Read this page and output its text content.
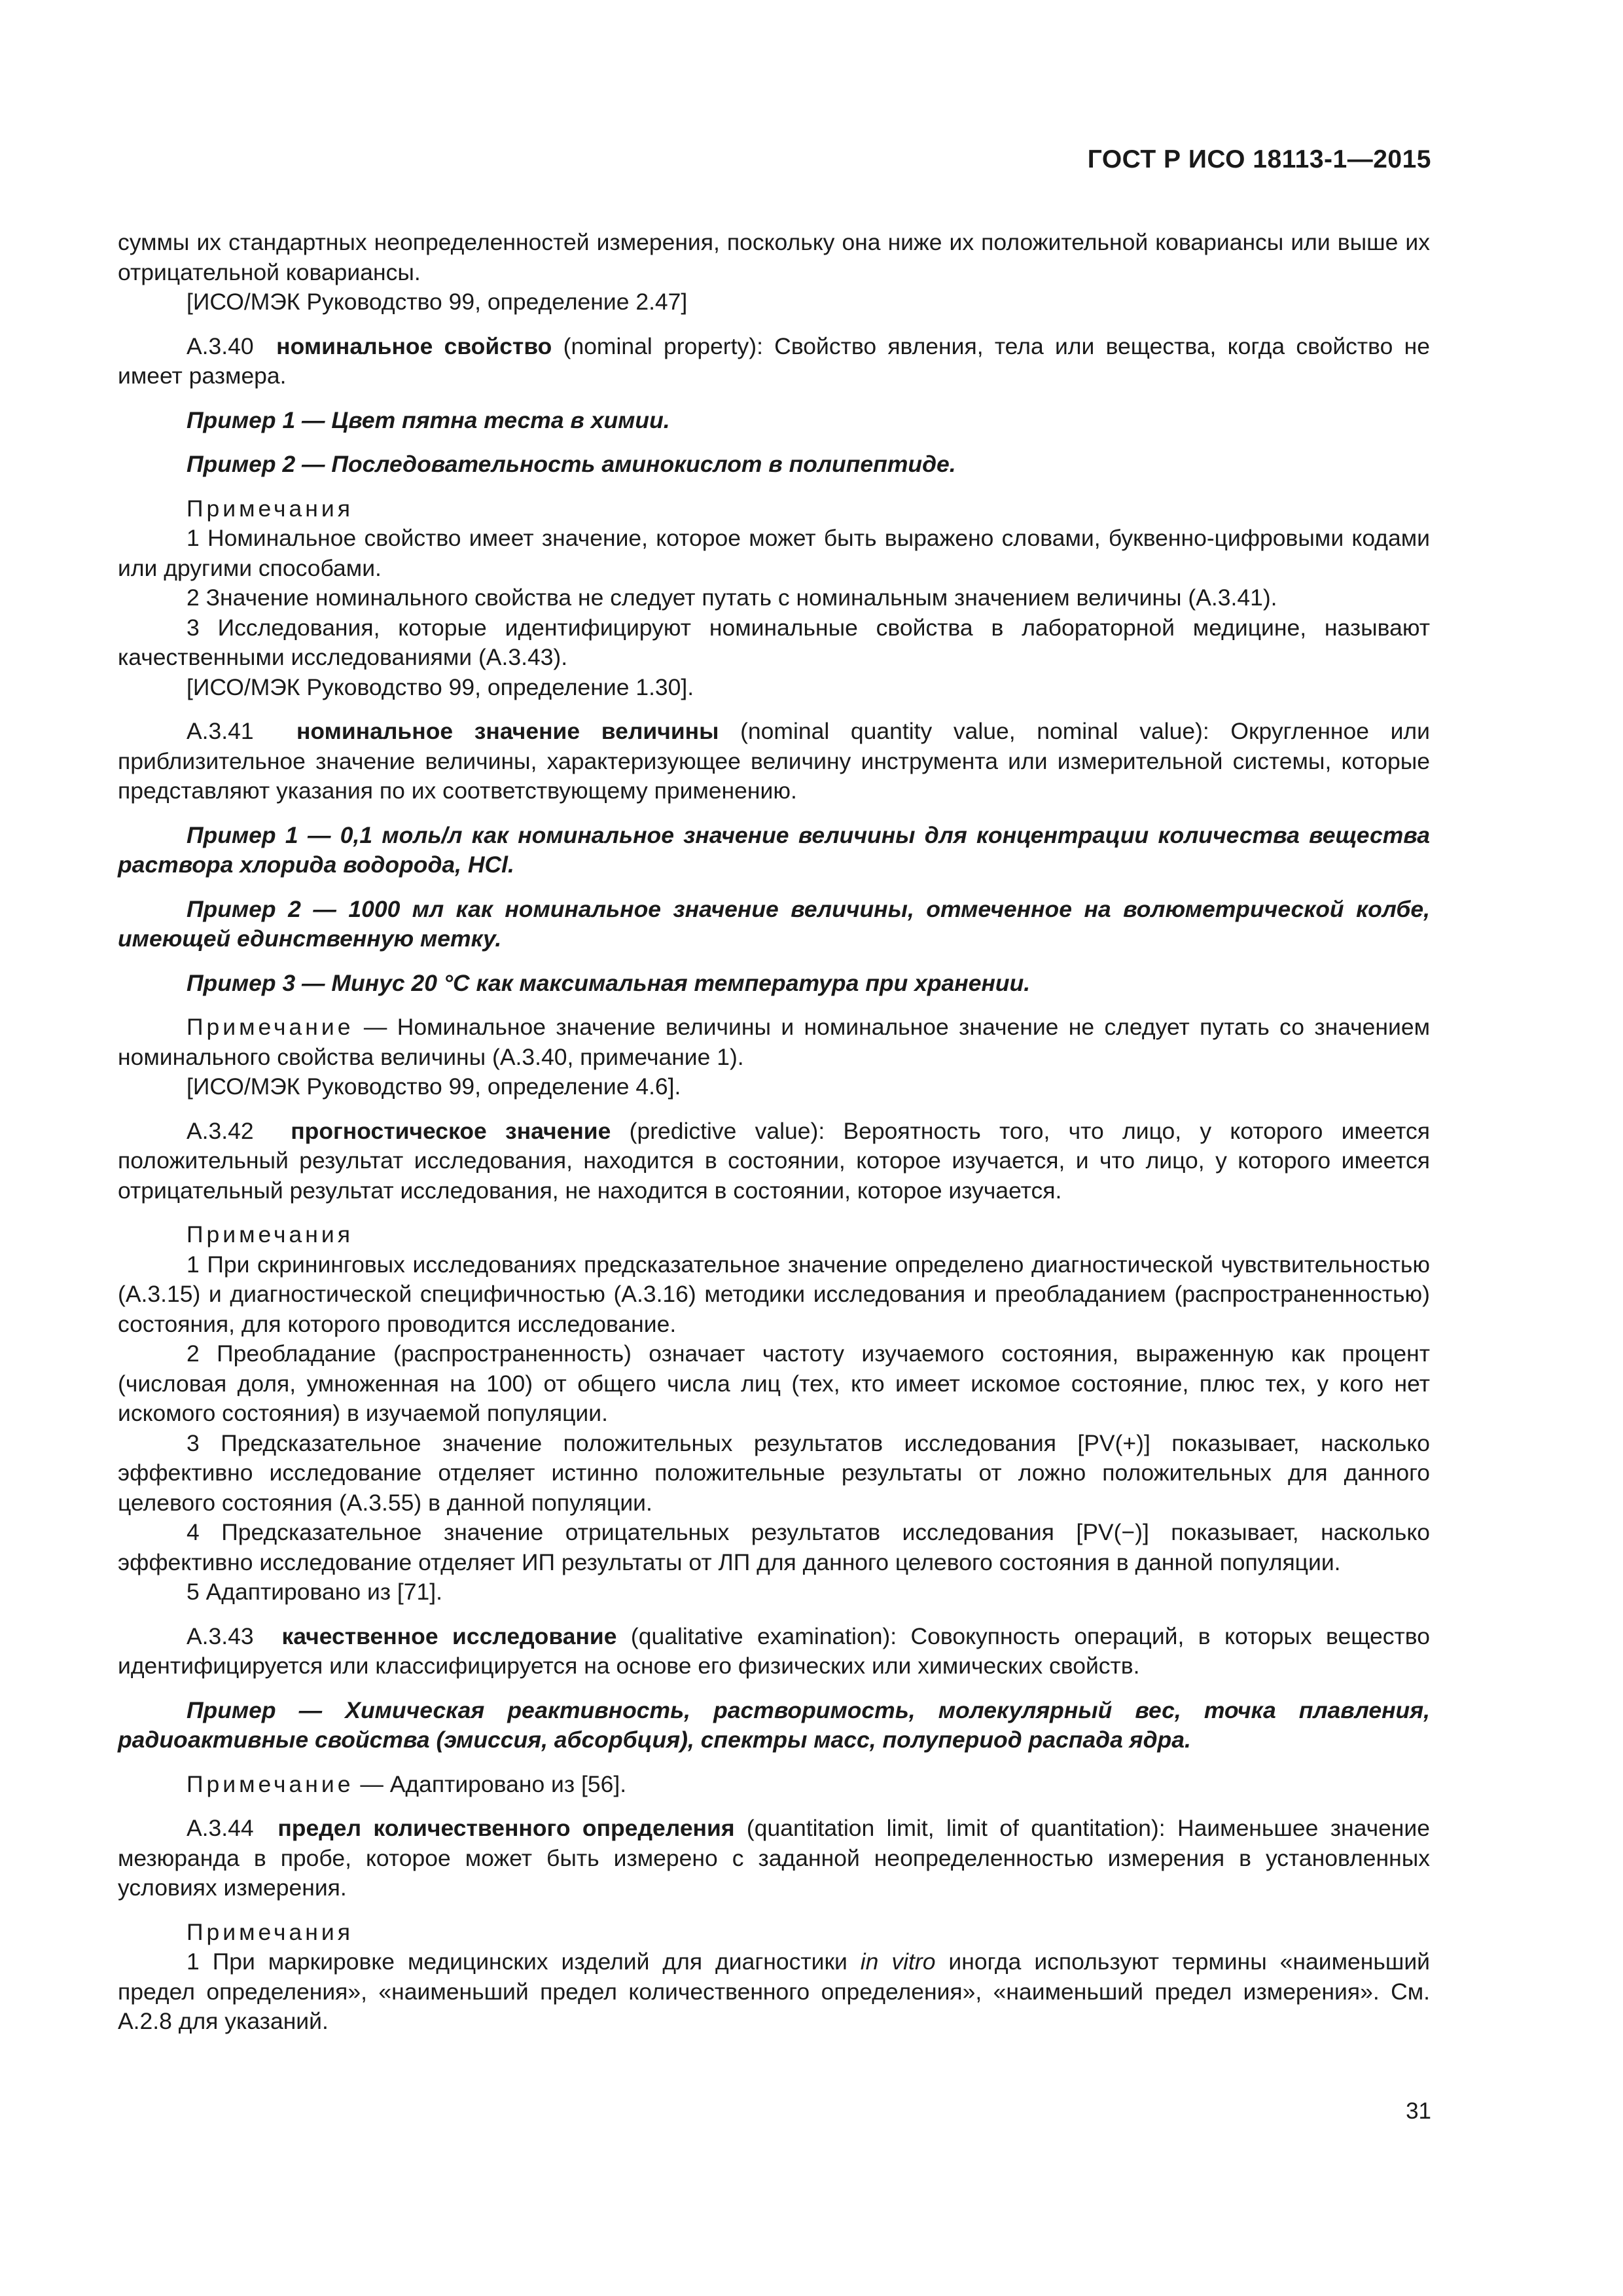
ГОСТ Р ИСО 18113-1—2015

суммы их стандартных неопределенностей измерения, поскольку она ниже их положительной ковариансы или выше их отрицательной ковариансы.

[ИСО/МЭК Руководство 99, определение 2.47]

А.3.40 номинальное свойство (nominal property): Свойство явления, тела или вещества, когда свойство не имеет размера.

Пример 1 — Цвет пятна теста в химии.

Пример 2 — Последовательность аминокислот в полипептиде.

Примечания

1 Номинальное свойство имеет значение, которое может быть выражено словами, буквенно-цифровыми кодами или другими способами.

2 Значение номинального свойства не следует путать с номинальным значением величины (А.3.41).

3 Исследования, которые идентифицируют номинальные свойства в лабораторной медицине, называют качественными исследованиями (А.3.43).

[ИСО/МЭК Руководство 99, определение 1.30].

А.3.41 номинальное значение величины (nominal quantity value, nominal value): Округленное или приблизительное значение величины, характеризующее величину инструмента или измерительной системы, которые представляют указания по их соответствующему применению.

Пример 1 — 0,1 моль/л как номинальное значение величины для концентрации количества вещества раствора хлорида водорода, HCl.

Пример 2 — 1000 мл как номинальное значение величины, отмеченное на волюметрической колбе, имеющей единственную метку.

Пример 3 — Минус 20 °С как максимальная температура при хранении.

Примечание — Номинальное значение величины и номинальное значение не следует путать со значением номинального свойства величины (А.3.40, примечание 1).

[ИСО/МЭК Руководство 99, определение 4.6].

А.3.42 прогностическое значение (predictive value): Вероятность того, что лицо, у которого имеется положительный результат исследования, находится в состоянии, которое изучается, и что лицо, у которого имеется отрицательный результат исследования, не находится в состоянии, которое изучается.

Примечания

1 При скрининговых исследованиях предсказательное значение определено диагностической чувствительностью (А.3.15) и диагностической специфичностью (А.3.16) методики исследования и преобладанием (распространенностью) состояния, для которого проводится исследование.

2 Преобладание (распространенность) означает частоту изучаемого состояния, выраженную как процент (числовая доля, умноженная на 100) от общего числа лиц (тех, кто имеет искомое состояние, плюс тех, у кого нет искомого состояния) в изучаемой популяции.

3 Предсказательное значение положительных результатов исследования [PV(+)] показывает, насколько эффективно исследование отделяет истинно положительные результаты от ложно положительных для данного целевого состояния (А.3.55) в данной популяции.

4 Предсказательное значение отрицательных результатов исследования [PV(−)] показывает, насколько эффективно исследование отделяет ИП результаты от ЛП для данного целевого состояния в данной популяции.

5 Адаптировано из [71].

А.3.43 качественное исследование (qualitative examination): Совокупность операций, в которых вещество идентифицируется или классифицируется на основе его физических или химических свойств.

Пример — Химическая реактивность, растворимость, молекулярный вес, точка плавления, радиоактивные свойства (эмиссия, абсорбция), спектры масс, полупериод распада ядра.

Примечание — Адаптировано из [56].

А.3.44 предел количественного определения (quantitation limit, limit of quantitation): Наименьшее значение мезюранда в пробе, которое может быть измерено с заданной неопределенностью измерения в установленных условиях измерения.

Примечания

1 При маркировке медицинских изделий для диагностики in vitro иногда используют термины «наименьший предел определения», «наименьший предел количественного определения», «наименьший предел измерения». См. А.2.8 для указаний.

31
